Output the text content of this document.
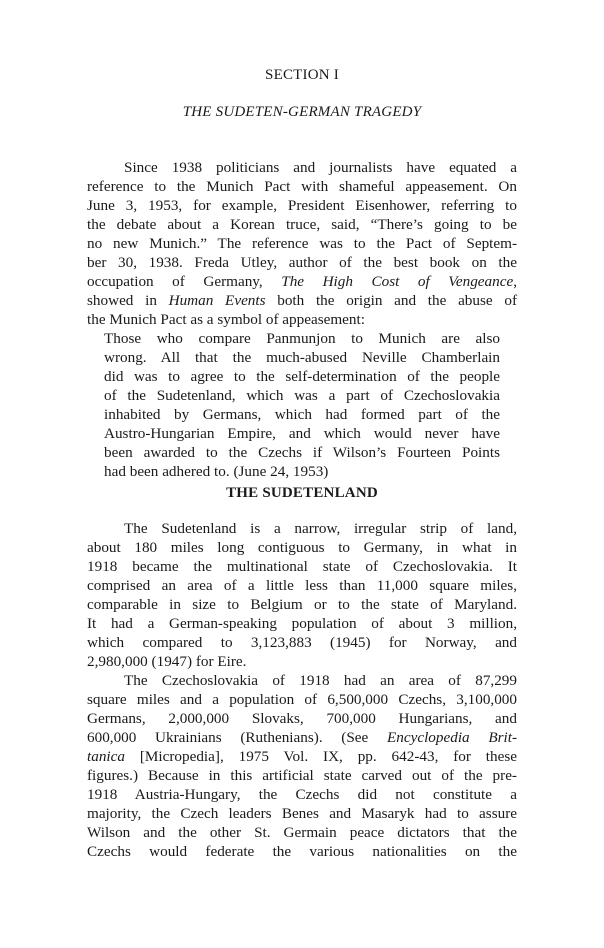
SECTION I
THE SUDETEN-GERMAN TRAGEDY
Since 1938 politicians and journalists have equated a
reference to the Munich Pact with shameful appeasement. On
June 3, 1953, for example, President Eisenhower, referring to
the debate about a Korean truce, said, “There’s going to be
no new Munich.” The reference was to the Pact of Septem-
ber 30, 1938. Freda Utley, author of the best book on the
occupation of Germany, The High Cost of Vengeance,
showed in Human Events both the origin and the abuse of
the Munich Pact as a symbol of appeasement:
Those who compare Panmunjon to Munich are also
wrong. All that the much-abused Neville Chamberlain
did was to agree to the self-determination of the people
of the Sudetenland, which was a part of Czechoslovakia
inhabited by Germans, which had formed part of the
Austro-Hungarian Empire, and which would never have
been awarded to the Czechs if Wilson’s Fourteen Points
had been adhered to. (June 24, 1953)
THE SUDETENLAND
The Sudetenland is a narrow, irregular strip of land,
about 180 miles long contiguous to Germany, in what in
1918 became the multinational state of Czechoslovakia. It
comprised an area of a little less than 11,000 square miles,
comparable in size to Belgium or to the state of Maryland.
It had a German-speaking population of about 3 million,
which compared to 3,123,883 (1945) for Norway, and
2,980,000 (1947) for Eire.
The Czechoslovakia of 1918 had an area of 87,299
square miles and a population of 6,500,000 Czechs, 3,100,000
Germans, 2,000,000 Slovaks, 700,000 Hungarians, and
600,000 Ukrainians (Ruthenians). (See Encyclopedia Brit-
tanica [Micropedia], 1975 Vol. IX, pp. 642-43, for these
figures.) Because in this artificial state carved out of the pre-
1918 Austria-Hungary, the Czechs did not constitute a
majority, the Czech leaders Benes and Masaryk had to assure
Wilson and the other St. Germain peace dictators that the
Czechs would federate the various nationalities on the
